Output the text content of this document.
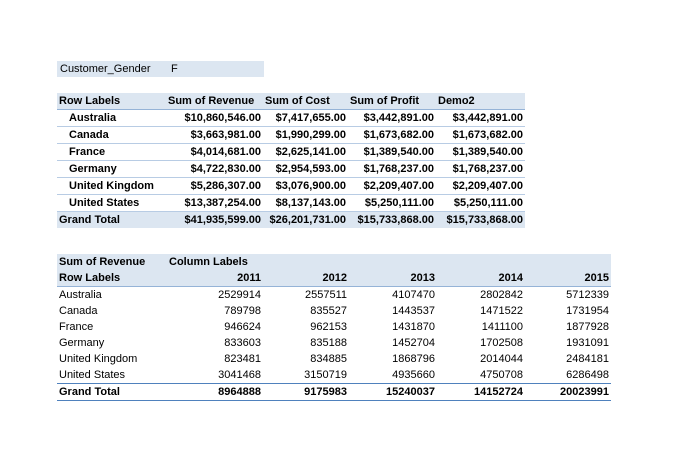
Customer_Gender	F
Row Labels	Sum of Revenue	Sum of Cost	Sum of Profit	Demo2
Australia	$10,860,546.00	$7,417,655.00	$3,442,891.00	$3,442,891.00
Canada	$3,663,981.00	$1,990,299.00	$1,673,682.00	$1,673,682.00
France	$4,014,681.00	$2,625,141.00	$1,389,540.00	$1,389,540.00
Germany	$4,722,830.00	$2,954,593.00	$1,768,237.00	$1,768,237.00
United Kingdom	$5,286,307.00	$3,076,900.00	$2,209,407.00	$2,209,407.00
United States	$13,387,254.00	$8,137,143.00	$5,250,111.00	$5,250,111.00
Grand Total	$41,935,599.00	$26,201,731.00	$15,733,868.00	$15,733,868.00
Sum of Revenue	Column Labels				
Row Labels	2011	2012	2013	2014	2015
Australia	2529914	2557511	4107470	2802842	5712339
Canada	789798	835527	1443537	1471522	1731954
France	946624	962153	1431870	1411100	1877928
Germany	833603	835188	1452704	1702508	1931091
United Kingdom	823481	834885	1868796	2014044	2484181
United States	3041468	3150719	4935660	4750708	6286498
Grand Total	8964888	9175983	15240037	14152724	20023991
